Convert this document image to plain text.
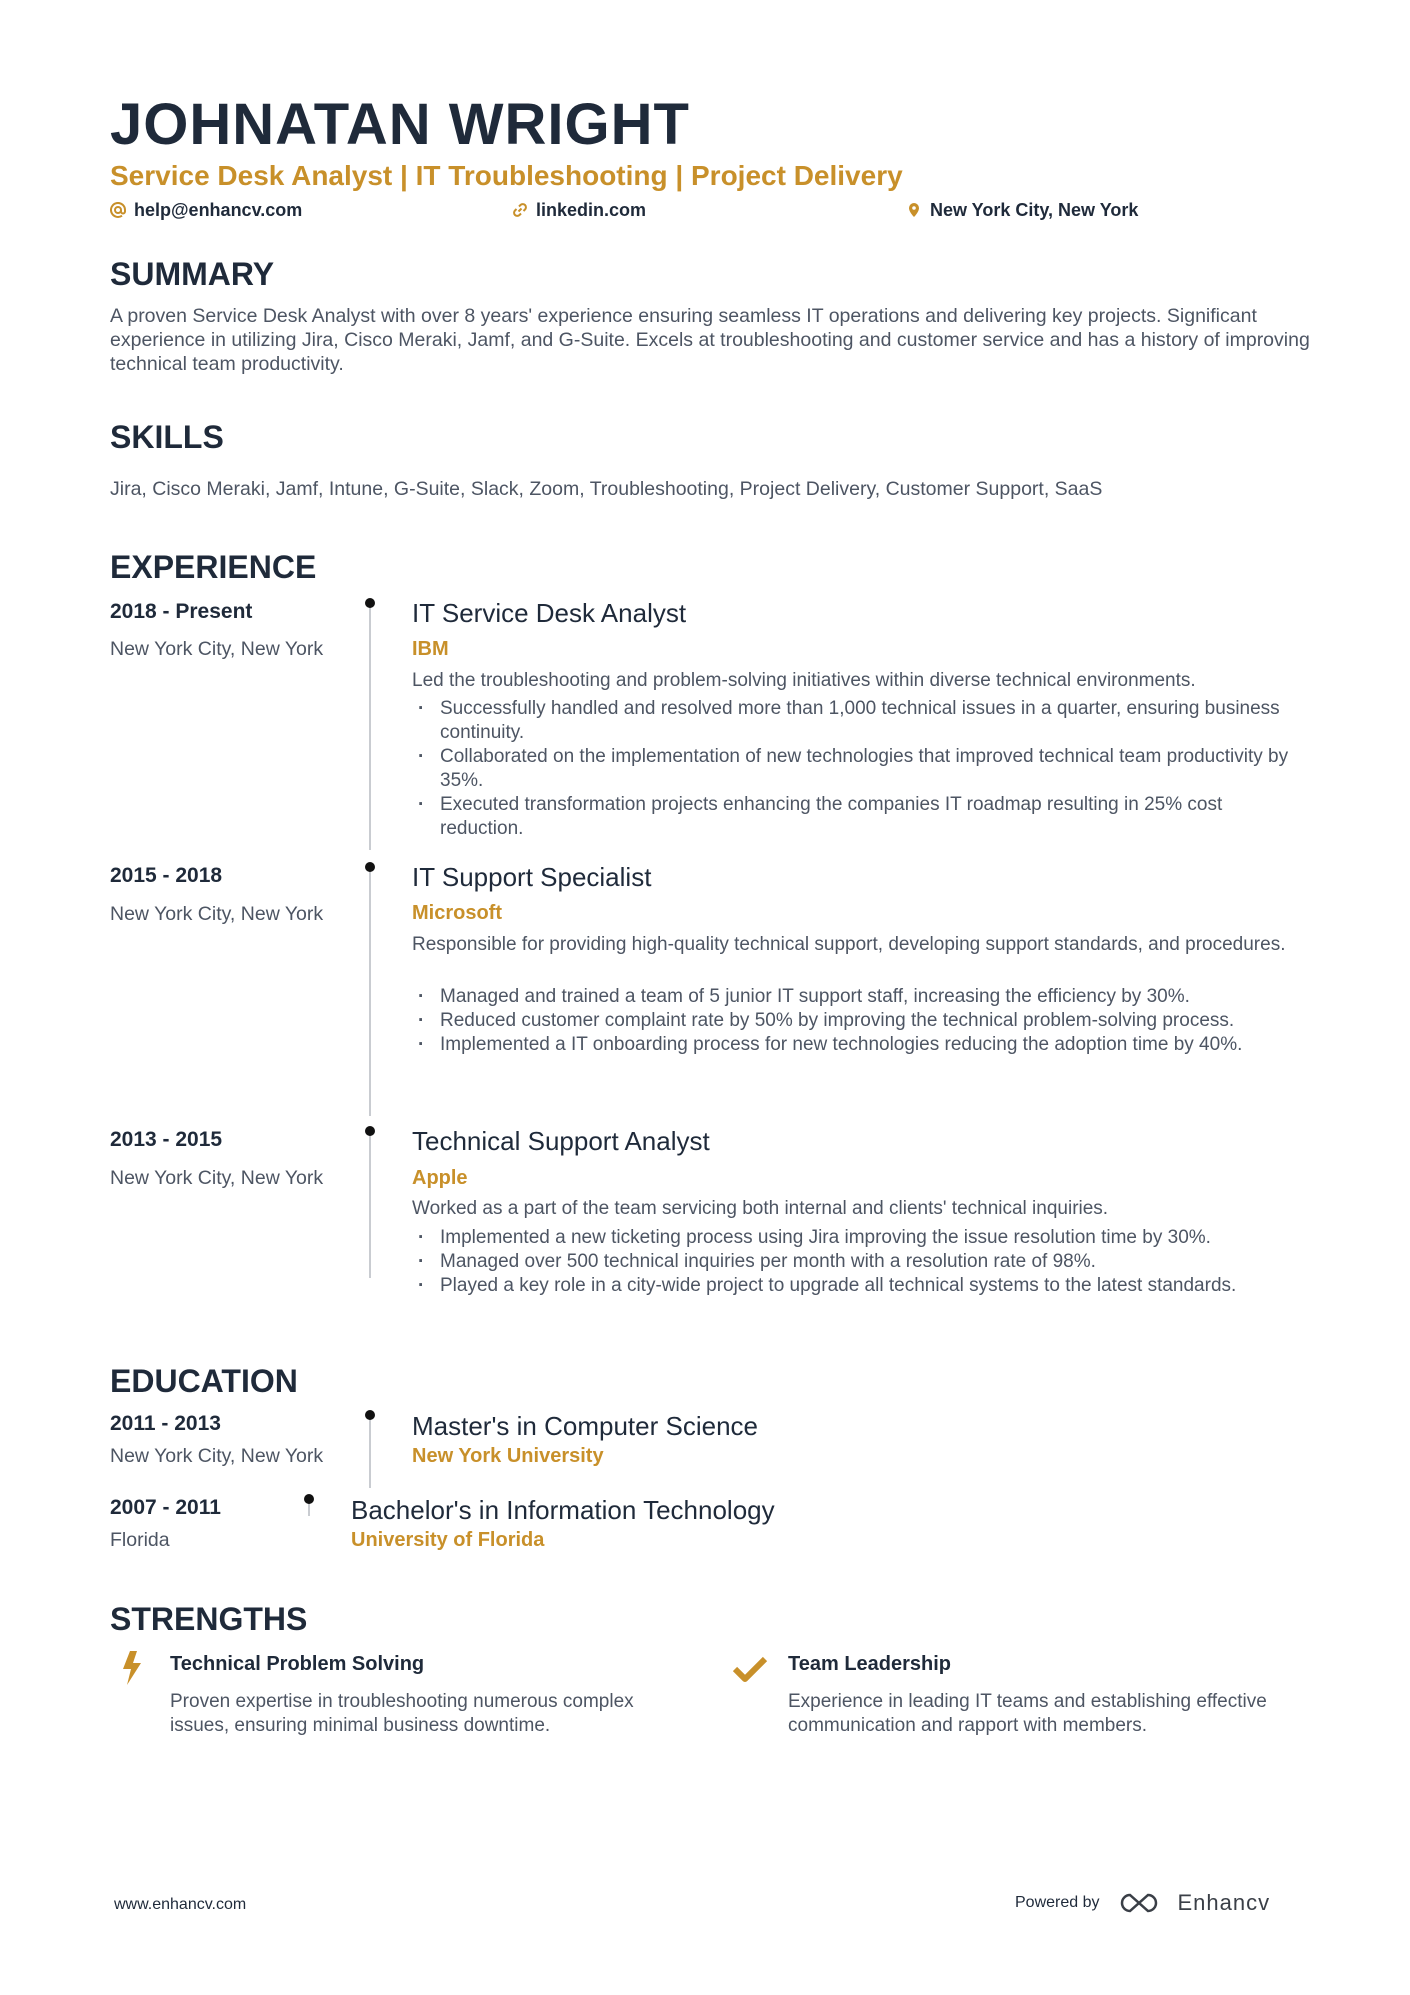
JOHNATAN WRIGHT
Service Desk Analyst | IT Troubleshooting | Project Delivery
help@enhancv.com	linkedin.com	New York City, New York
SUMMARY
A proven Service Desk Analyst with over 8 years' experience ensuring seamless IT operations and delivering key projects. Significant experience in utilizing Jira, Cisco Meraki, Jamf, and G-Suite. Excels at troubleshooting and customer service and has a history of improving technical team productivity.
SKILLS
Jira, Cisco Meraki, Jamf, Intune, G-Suite, Slack, Zoom, Troubleshooting, Project Delivery, Customer Support, SaaS
EXPERIENCE
2018 - Present
New York City, New York
IT Service Desk Analyst
IBM
Led the troubleshooting and problem-solving initiatives within diverse technical environments.
· Successfully handled and resolved more than 1,000 technical issues in a quarter, ensuring business continuity.
· Collaborated on the implementation of new technologies that improved technical team productivity by 35%.
· Executed transformation projects enhancing the companies IT roadmap resulting in 25% cost reduction.
2015 - 2018
New York City, New York
IT Support Specialist
Microsoft
Responsible for providing high-quality technical support, developing support standards, and procedures.
· Managed and trained a team of 5 junior IT support staff, increasing the efficiency by 30%.
· Reduced customer complaint rate by 50% by improving the technical problem-solving process.
· Implemented a IT onboarding process for new technologies reducing the adoption time by 40%.
2013 - 2015
New York City, New York
Technical Support Analyst
Apple
Worked as a part of the team servicing both internal and clients' technical inquiries.
· Implemented a new ticketing process using Jira improving the issue resolution time by 30%.
· Managed over 500 technical inquiries per month with a resolution rate of 98%.
· Played a key role in a city-wide project to upgrade all technical systems to the latest standards.
EDUCATION
2011 - 2013
New York City, New York
Master's in Computer Science
New York University
2007 - 2011
Florida
Bachelor's in Information Technology
University of Florida
STRENGTHS
Technical Problem Solving
Proven expertise in troubleshooting numerous complex issues, ensuring minimal business downtime.
Team Leadership
Experience in leading IT teams and establishing effective communication and rapport with members.
www.enhancv.com	Powered by	Enhancv
